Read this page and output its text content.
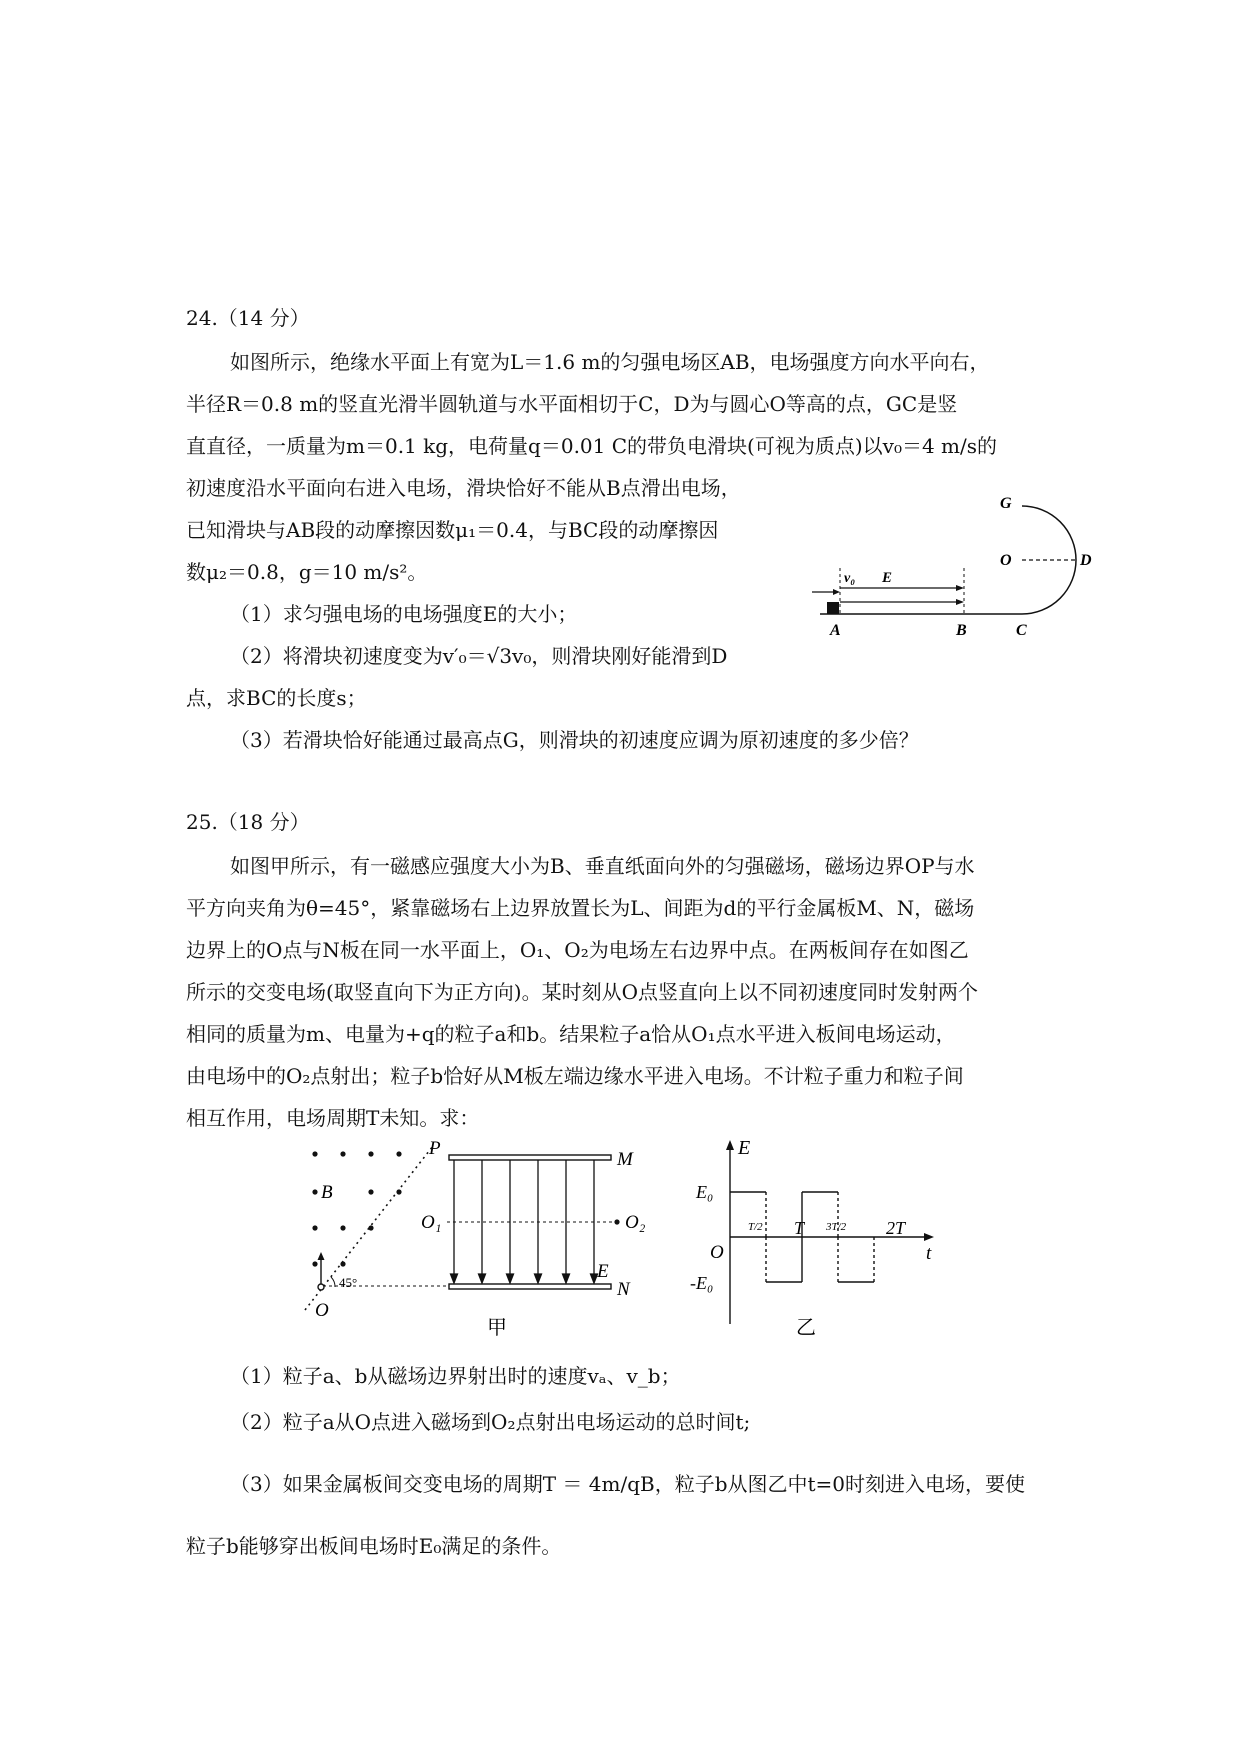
24.（14 分）
如图所示，绝缘水平面上有宽为L＝1.6 m的匀强电场区AB，电场强度方向水平向右，
半径R＝0.8 m的竖直光滑半圆轨道与水平面相切于C，D为与圆心O等高的点，GC是竖
直直径，一质量为m＝0.1 kg，电荷量q＝0.01 C的带负电滑块(可视为质点)以v₀＝4 m/s的
初速度沿水平面向右进入电场，滑块恰好不能从B点滑出电场，
已知滑块与AB段的动摩擦因数μ₁＝0.4，与BC段的动摩擦因
数μ₂＝0.8，g＝10 m/s²。
（1）求匀强电场的电场强度E的大小；
（2）将滑块初速度变为v′₀＝√3v₀，则滑块刚好能滑到D
点，求BC的长度s；
（3）若滑块恰好能通过最高点G，则滑块的初速度应调为原初速度的多少倍？
G
O	D
A	B	C
v₀ E
25.（18 分）
如图甲所示，有一磁感应强度大小为B、垂直纸面向外的匀强磁场，磁场边界OP与水
平方向夹角为θ=45°，紧靠磁场右上边界放置长为L、间距为d的平行金属板M、N，磁场
边界上的O点与N板在同一水平面上，O₁、O₂为电场左右边界中点。在两板间存在如图乙
所示的交变电场(取竖直向下为正方向)。某时刻从O点竖直向上以不同初速度同时发射两个
相同的质量为m、电量为+q的粒子a和b。结果粒子a恰从O₁点水平进入板间电场运动，
由电场中的O₂点射出；粒子b恰好从M板左端边缘水平进入电场。不计粒子重力和粒子间
相互作用，电场周期T未知。求：
P
M
B
O₁	O₂
E
N
O
45°
甲
E
E₀
-E₀
O	t
T/2 T 3T/2 2T
乙
（1）粒子a、b从磁场边界射出时的速度vₐ、v_b；
（2）粒子a从O点进入磁场到O₂点射出电场运动的总时间t;
（3）如果金属板间交变电场的周期T ＝ 4m/qB，粒子b从图乙中t=0时刻进入电场，要使
粒子b能够穿出板间电场时E₀满足的条件。
